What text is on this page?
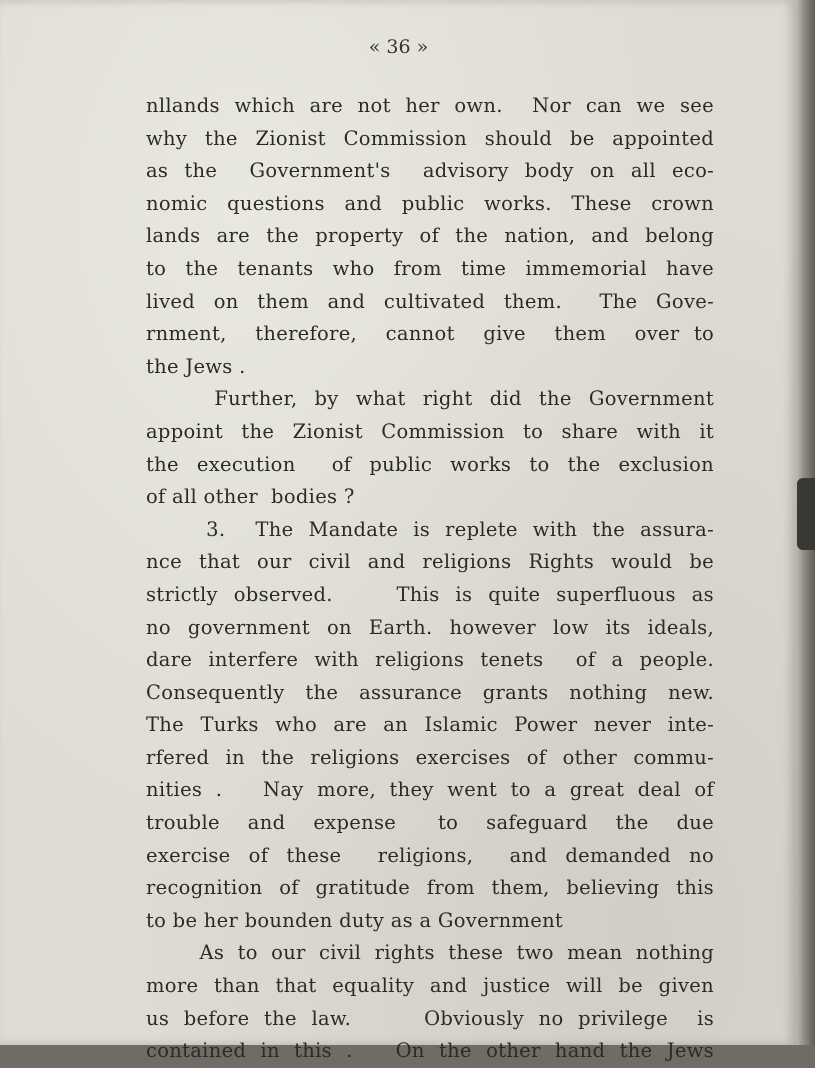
« 36 »
nllands which are not her own.  Nor can we see
why the Zionist Commission should be appointed
as the  Government's  advisory body on all eco-
nomic questions and public works. These crown
lands are the property of the nation, and belong
to the tenants who from time immemorial have
lived on them and cultivated them.  The Gove-
rnment,  therefore,  cannot  give  them  over to
the Jews .
Further, by what right did the Government
appoint the Zionist Commission to share with it
the execution  of public works to the exclusion
of all other  bodies ?
3.  The Mandate is replete with the assura-
nce that our civil and religions Rights would be
strictly observed.    This is quite superfluous as
no government on Earth. however low its ideals,
dare interfere with religions tenets  of a people.
Consequently the assurance grants nothing new.
The Turks who are an Islamic Power never inte-
rfered in the religions exercises of other commu-
nities .   Nay more, they went to a great deal of
trouble  and  expense   to  safeguard  the  due
exercise of these  religions,  and demanded no
recognition of gratitude from them, believing this
to be her bounden duty as a Government
As to our civil rights these two mean nothing
more than that equality and justice will be given
us before the law.     Obviously no privilege  is
contained in this .   On the other hand the Jews
